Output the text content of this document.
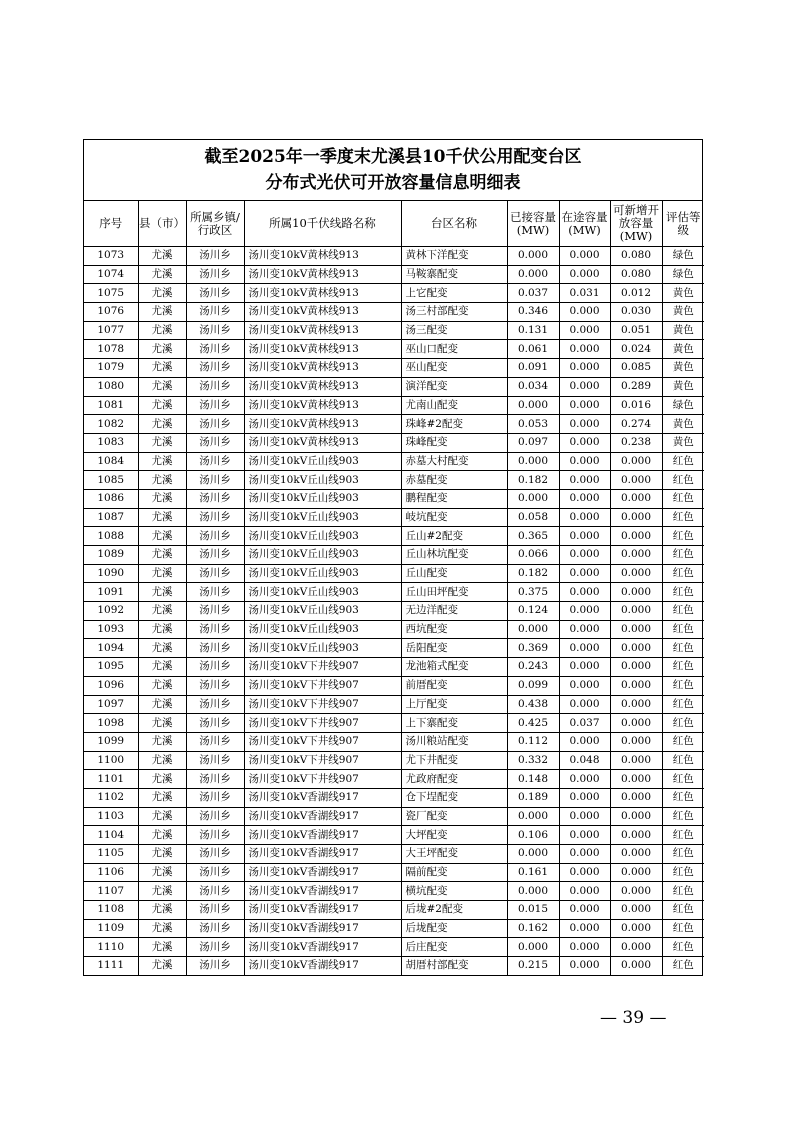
截至2025年一季度末尤溪县10千伏公用配变台区
分布式光伏可开放容量信息明细表
序号	县（市）	所属乡镇/行政区	所属10千伏线路名称	台区名称	已接容量(MW)	在途容量(MW)	可新增开放容量(MW)	评估等级
1073	尤溪	汤川乡	汤川变10kV黄林线913	黄林下洋配变	0.000	0.000	0.080	绿色
1074	尤溪	汤川乡	汤川变10kV黄林线913	马鞍寨配变	0.000	0.000	0.080	绿色
1075	尤溪	汤川乡	汤川变10kV黄林线913	上它配变	0.037	0.031	0.012	黄色
1076	尤溪	汤川乡	汤川变10kV黄林线913	汤三村部配变	0.346	0.000	0.030	黄色
1077	尤溪	汤川乡	汤川变10kV黄林线913	汤三配变	0.131	0.000	0.051	黄色
1078	尤溪	汤川乡	汤川变10kV黄林线913	巫山口配变	0.061	0.000	0.024	黄色
1079	尤溪	汤川乡	汤川变10kV黄林线913	巫山配变	0.091	0.000	0.085	黄色
1080	尤溪	汤川乡	汤川变10kV黄林线913	演洋配变	0.034	0.000	0.289	黄色
1081	尤溪	汤川乡	汤川变10kV黄林线913	尤南山配变	0.000	0.000	0.016	绿色
1082	尤溪	汤川乡	汤川变10kV黄林线913	珠峰#2配变	0.053	0.000	0.274	黄色
1083	尤溪	汤川乡	汤川变10kV黄林线913	珠峰配变	0.097	0.000	0.238	黄色
1084	尤溪	汤川乡	汤川变10kV丘山线903	赤墓大村配变	0.000	0.000	0.000	红色
1085	尤溪	汤川乡	汤川变10kV丘山线903	赤墓配变	0.182	0.000	0.000	红色
1086	尤溪	汤川乡	汤川变10kV丘山线903	鹏程配变	0.000	0.000	0.000	红色
1087	尤溪	汤川乡	汤川变10kV丘山线903	岐坑配变	0.058	0.000	0.000	红色
1088	尤溪	汤川乡	汤川变10kV丘山线903	丘山#2配变	0.365	0.000	0.000	红色
1089	尤溪	汤川乡	汤川变10kV丘山线903	丘山林坑配变	0.066	0.000	0.000	红色
1090	尤溪	汤川乡	汤川变10kV丘山线903	丘山配变	0.182	0.000	0.000	红色
1091	尤溪	汤川乡	汤川变10kV丘山线903	丘山田坪配变	0.375	0.000	0.000	红色
1092	尤溪	汤川乡	汤川变10kV丘山线903	无边洋配变	0.124	0.000	0.000	红色
1093	尤溪	汤川乡	汤川变10kV丘山线903	西坑配变	0.000	0.000	0.000	红色
1094	尤溪	汤川乡	汤川变10kV丘山线903	岳阳配变	0.369	0.000	0.000	红色
1095	尤溪	汤川乡	汤川变10kV下井线907	龙池箱式配变	0.243	0.000	0.000	红色
1096	尤溪	汤川乡	汤川变10kV下井线907	前厝配变	0.099	0.000	0.000	红色
1097	尤溪	汤川乡	汤川变10kV下井线907	上厅配变	0.438	0.000	0.000	红色
1098	尤溪	汤川乡	汤川变10kV下井线907	上下寨配变	0.425	0.037	0.000	红色
1099	尤溪	汤川乡	汤川变10kV下井线907	汤川粮站配变	0.112	0.000	0.000	红色
1100	尤溪	汤川乡	汤川变10kV下井线907	尤下井配变	0.332	0.048	0.000	红色
1101	尤溪	汤川乡	汤川变10kV下井线907	尤政府配变	0.148	0.000	0.000	红色
1102	尤溪	汤川乡	汤川变10kV香湖线917	仓下埕配变	0.189	0.000	0.000	红色
1103	尤溪	汤川乡	汤川变10kV香湖线917	瓷厂配变	0.000	0.000	0.000	红色
1104	尤溪	汤川乡	汤川变10kV香湖线917	大坪配变	0.106	0.000	0.000	红色
1105	尤溪	汤川乡	汤川变10kV香湖线917	大王坪配变	0.000	0.000	0.000	红色
1106	尤溪	汤川乡	汤川变10kV香湖线917	隔前配变	0.161	0.000	0.000	红色
1107	尤溪	汤川乡	汤川变10kV香湖线917	横坑配变	0.000	0.000	0.000	红色
1108	尤溪	汤川乡	汤川变10kV香湖线917	后垅#2配变	0.015	0.000	0.000	红色
1109	尤溪	汤川乡	汤川变10kV香湖线917	后垅配变	0.162	0.000	0.000	红色
1110	尤溪	汤川乡	汤川变10kV香湖线917	后庄配变	0.000	0.000	0.000	红色
1111	尤溪	汤川乡	汤川变10kV香湖线917	胡厝村部配变	0.215	0.000	0.000	红色
— 39 —
